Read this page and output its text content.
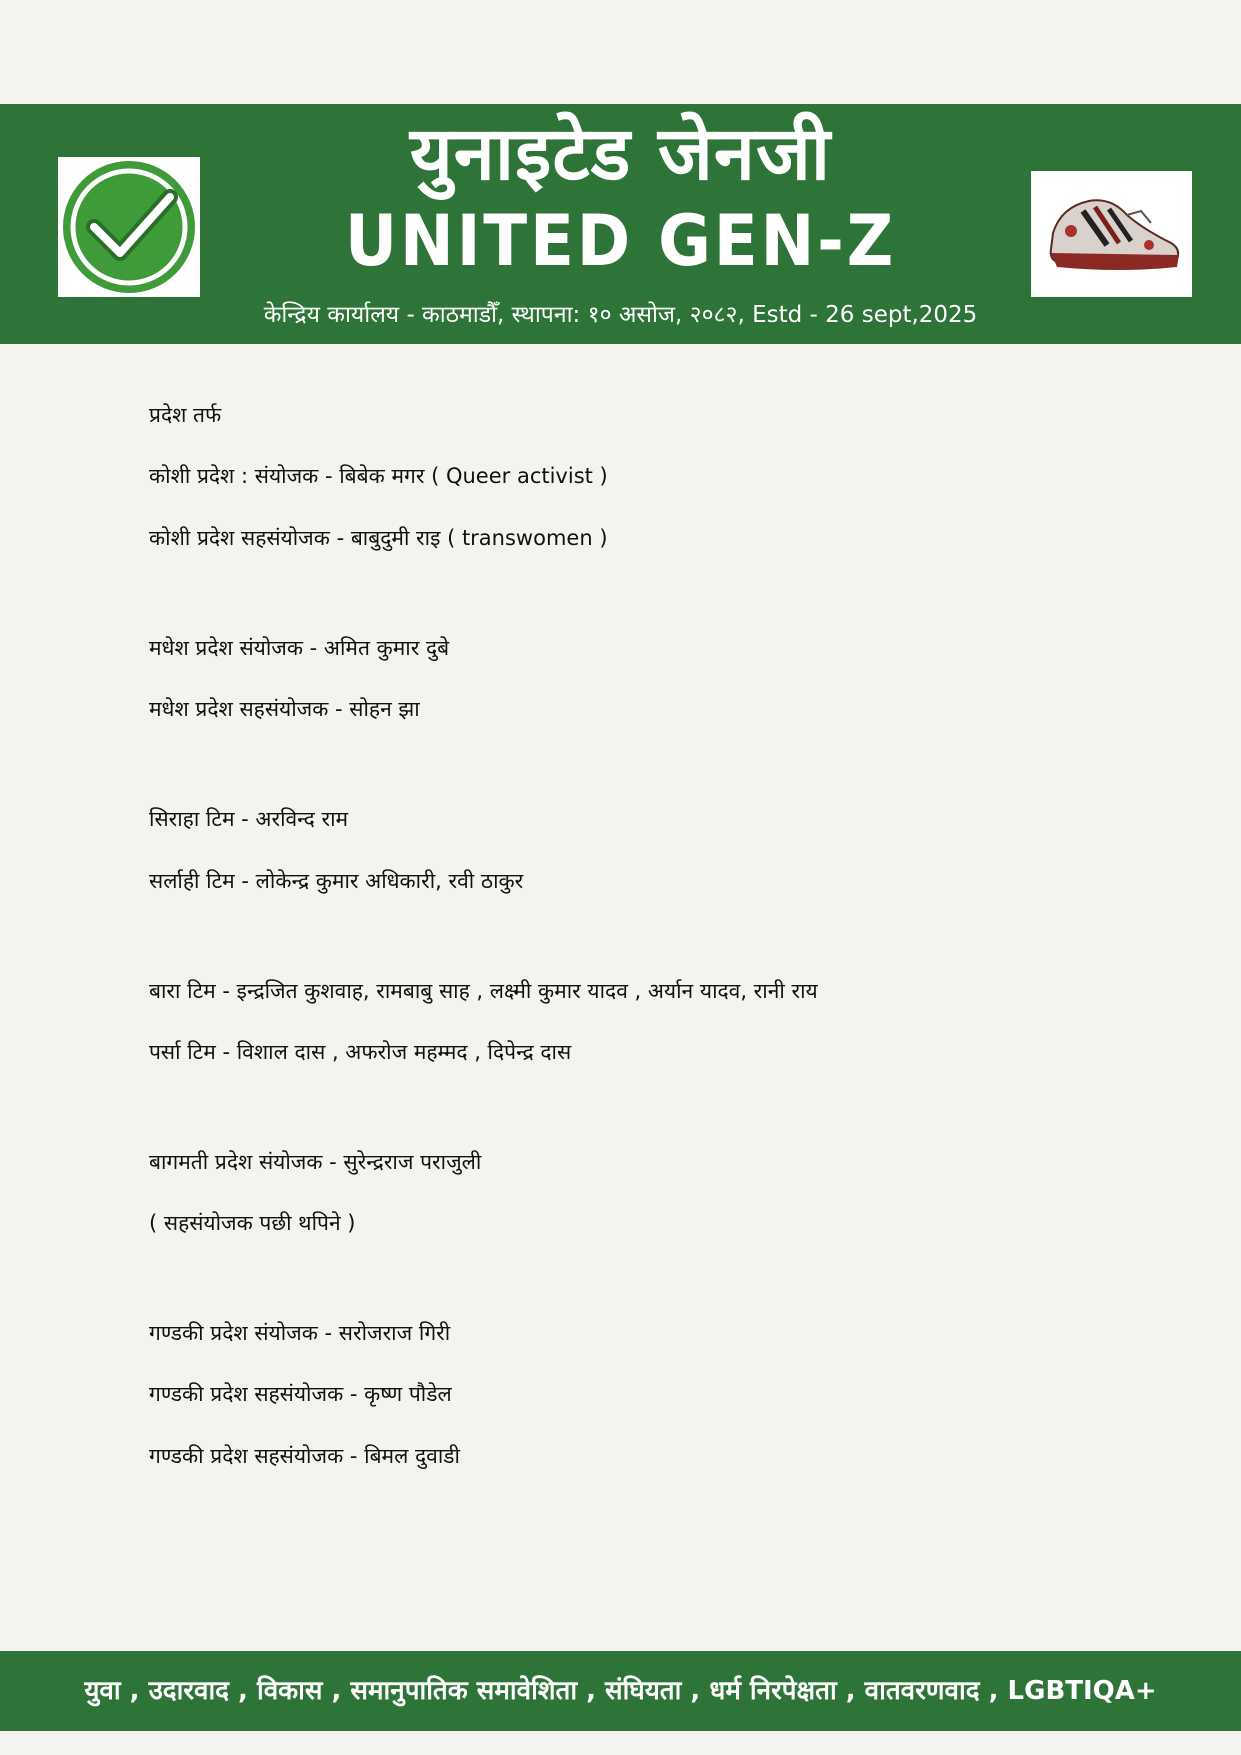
युनाइटेड जेनजी
UNITED GEN-Z
केन्द्रिय कार्यालय - काठमाडौँ, स्थापना: १० असोज, २०८२, Estd - 26 sept,2025
प्रदेश तर्फ
कोशी प्रदेश : संयोजक - बिबेक मगर ( Queer activist )
कोशी प्रदेश सहसंयोजक - बाबुदुमी राइ ( transwomen )
मधेश प्रदेश संयोजक - अमित कुमार दुबे
मधेश प्रदेश सहसंयोजक - सोहन झा
सिराहा टिम - अरविन्द राम
सर्लाही टिम - लोकेन्द्र कुमार अधिकारी, रवी ठाकुर
बारा टिम - इन्द्रजित कुशवाह, रामबाबु साह , लक्ष्मी कुमार यादव , अर्यान यादव, रानी राय
पर्सा टिम - विशाल दास , अफरोज महम्मद , दिपेन्द्र दास
बागमती प्रदेश संयोजक - सुरेन्द्रराज पराजुली
( सहसंयोजक पछी थपिने )
गण्डकी प्रदेश संयोजक - सरोजराज गिरी
गण्डकी प्रदेश सहसंयोजक - कृष्ण पौडेल
गण्डकी प्रदेश सहसंयोजक - बिमल दुवाडी
युवा , उदारवाद , विकास , समानुपातिक समावेशिता , संघियता , धर्म निरपेक्षता , वातवरणवाद , LGBTIQA+
